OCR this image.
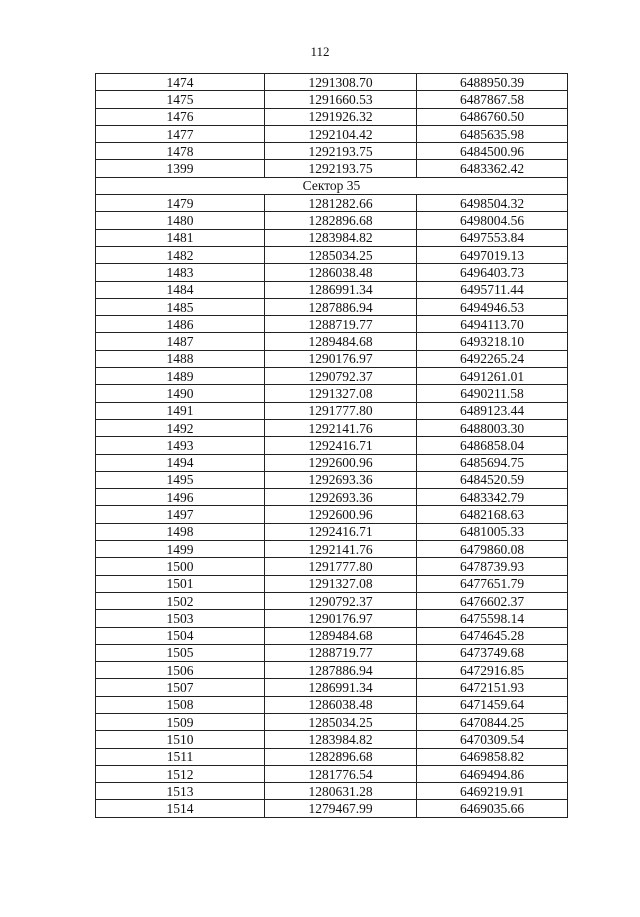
112
1474	1291308.70	6488950.39
1475	1291660.53	6487867.58
1476	1291926.32	6486760.50
1477	1292104.42	6485635.98
1478	1292193.75	6484500.96
1399	1292193.75	6483362.42
Сектор 35		
1479	1281282.66	6498504.32
1480	1282896.68	6498004.56
1481	1283984.82	6497553.84
1482	1285034.25	6497019.13
1483	1286038.48	6496403.73
1484	1286991.34	6495711.44
1485	1287886.94	6494946.53
1486	1288719.77	6494113.70
1487	1289484.68	6493218.10
1488	1290176.97	6492265.24
1489	1290792.37	6491261.01
1490	1291327.08	6490211.58
1491	1291777.80	6489123.44
1492	1292141.76	6488003.30
1493	1292416.71	6486858.04
1494	1292600.96	6485694.75
1495	1292693.36	6484520.59
1496	1292693.36	6483342.79
1497	1292600.96	6482168.63
1498	1292416.71	6481005.33
1499	1292141.76	6479860.08
1500	1291777.80	6478739.93
1501	1291327.08	6477651.79
1502	1290792.37	6476602.37
1503	1290176.97	6475598.14
1504	1289484.68	6474645.28
1505	1288719.77	6473749.68
1506	1287886.94	6472916.85
1507	1286991.34	6472151.93
1508	1286038.48	6471459.64
1509	1285034.25	6470844.25
1510	1283984.82	6470309.54
1511	1282896.68	6469858.82
1512	1281776.54	6469494.86
1513	1280631.28	6469219.91
1514	1279467.99	6469035.66
